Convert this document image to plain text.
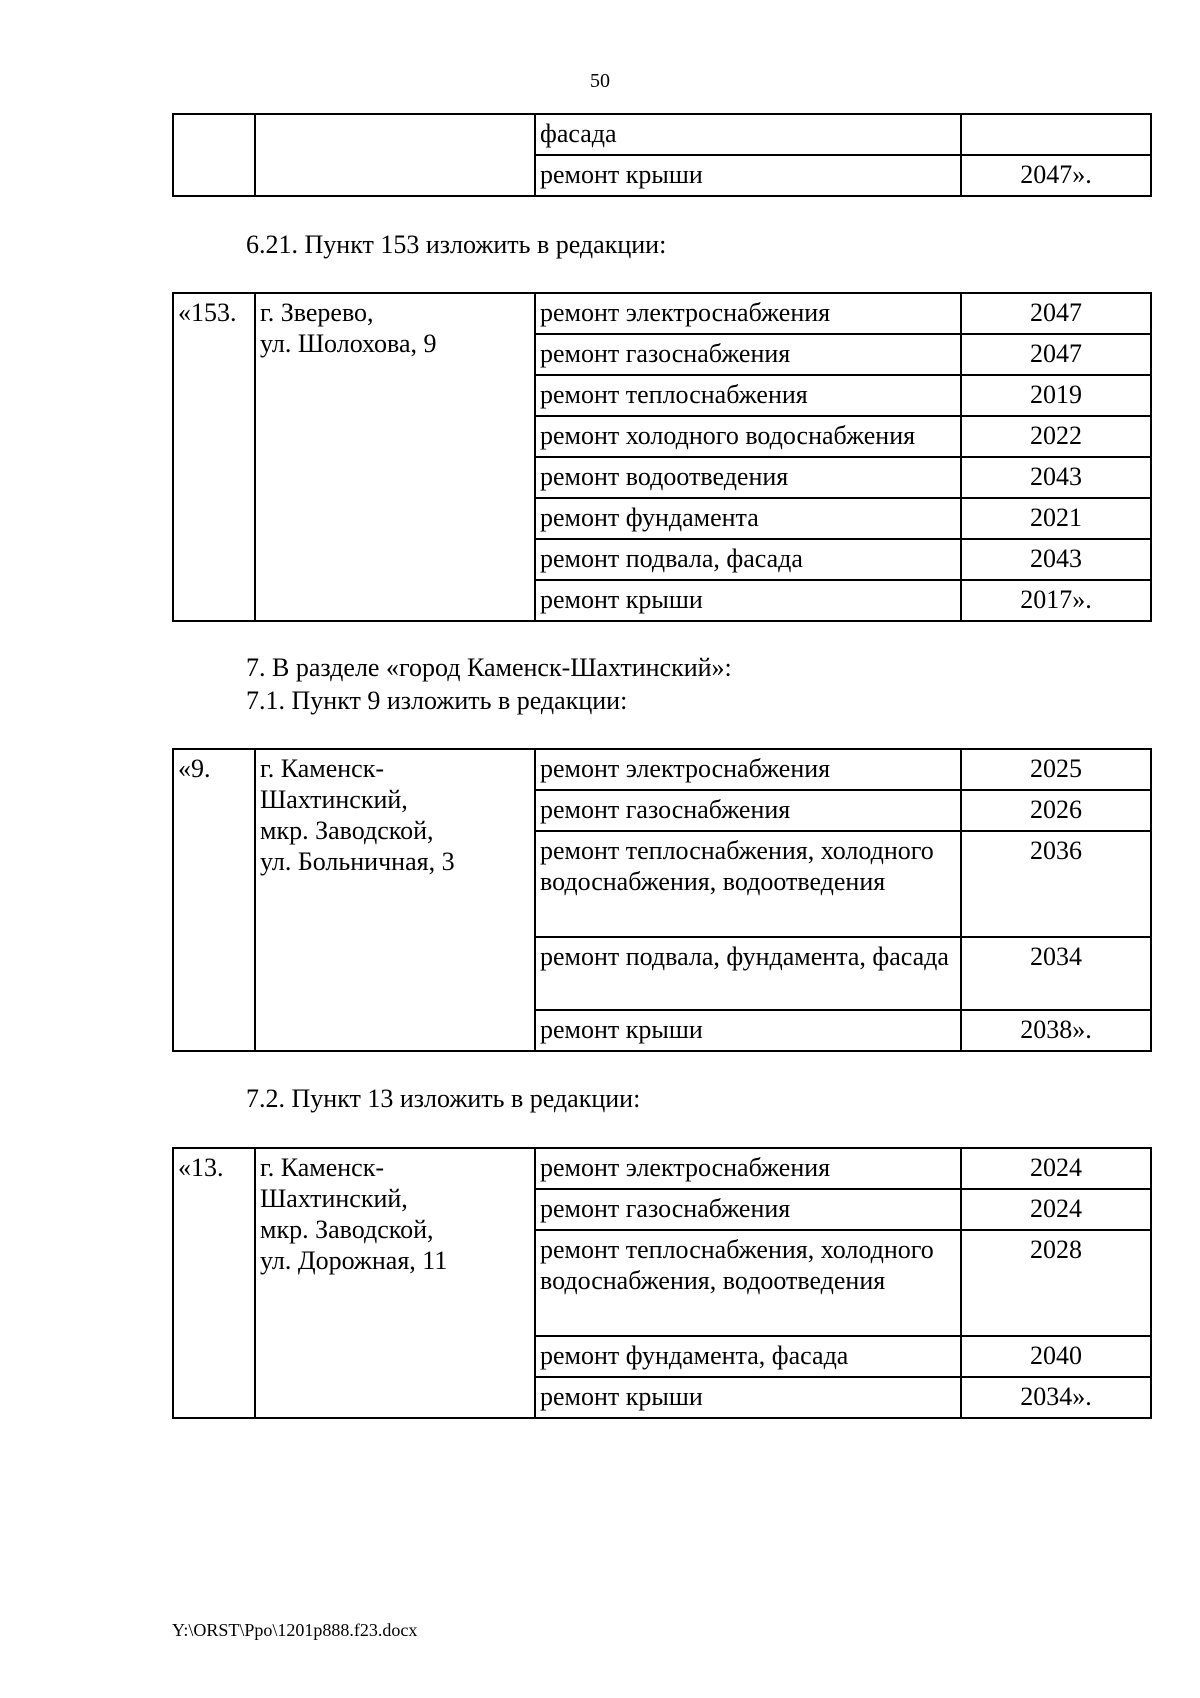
50
		фасада	
		ремонт крыши	2047».
6.21. Пункт 153 изложить в редакции:
«153.	г. Зверево,
ул. Шолохова, 9	ремонт электроснабжения	2047
		ремонт газоснабжения	2047
		ремонт теплоснабжения	2019
		ремонт холодного водоснабжения	2022
		ремонт водоотведения	2043
		ремонт фундамента	2021
		ремонт подвала, фасада	2043
		ремонт крыши	2017».
7. В разделе «город Каменск-Шахтинский»:
7.1. Пункт 9 изложить в редакции:
«9.	г. Каменск-
Шахтинский,
мкр. Заводской,
ул. Больничная, 3	ремонт электроснабжения	2025
		ремонт газоснабжения	2026
		ремонт теплоснабжения, холодного водоснабжения, водоотведения	2036
		ремонт подвала, фундамента, фасада	2034
		ремонт крыши	2038».
7.2. Пункт 13 изложить в редакции:
«13.	г. Каменск-
Шахтинский,
мкр. Заводской,
ул. Дорожная, 11	ремонт электроснабжения	2024
		ремонт газоснабжения	2024
		ремонт теплоснабжения, холодного водоснабжения, водоотведения	2028
		ремонт фундамента, фасада	2040
		ремонт крыши	2034».
Y:\ORST\Ppo\1201p888.f23.docx
